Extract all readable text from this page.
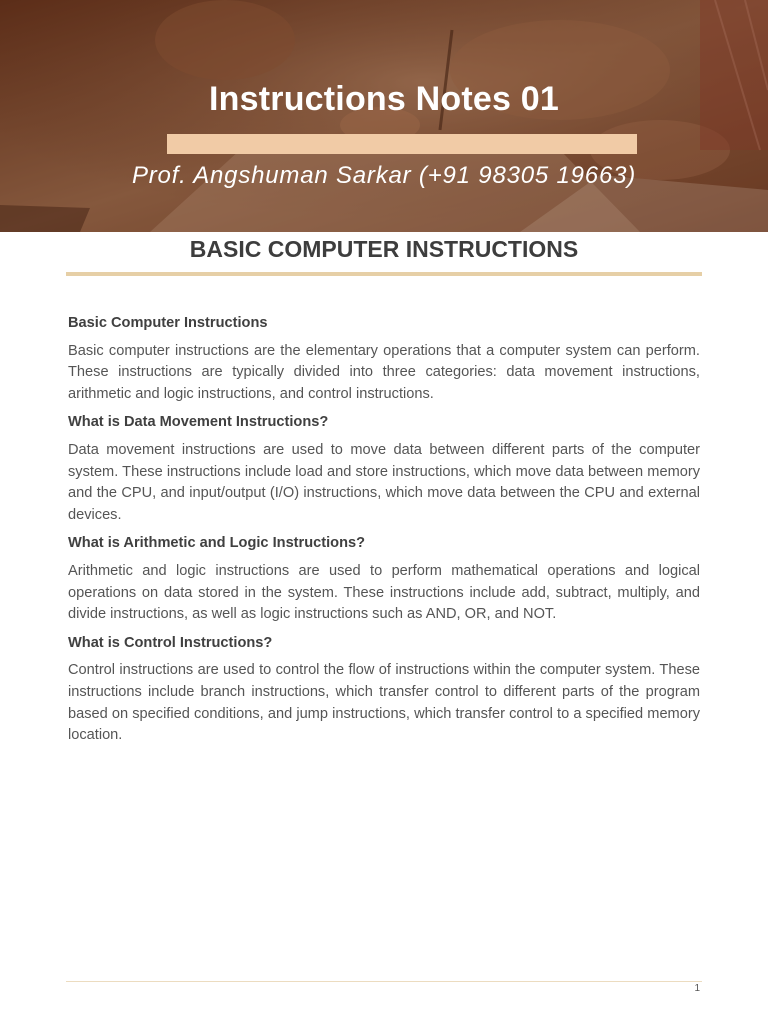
Instructions Notes 01
Prof. Angshuman Sarkar (+91 98305 19663)
BASIC COMPUTER INSTRUCTIONS
Basic Computer Instructions

Basic computer instructions are the elementary operations that a computer system can perform. These instructions are typically divided into three categories: data movement instructions, arithmetic and logic instructions, and control instructions.

What is Data Movement Instructions?

Data movement instructions are used to move data between different parts of the computer system. These instructions include load and store instructions, which move data between memory and the CPU, and input/output (I/O) instructions, which move data between the CPU and external devices.

What is Arithmetic and Logic Instructions?

Arithmetic and logic instructions are used to perform mathematical operations and logical operations on data stored in the system. These instructions include add, subtract, multiply, and divide instructions, as well as logic instructions such as AND, OR, and NOT.

What is Control Instructions?

Control instructions are used to control the flow of instructions within the computer system. These instructions include branch instructions, which transfer control to different parts of the program based on specified conditions, and jump instructions, which transfer control to a specified memory location.

1
